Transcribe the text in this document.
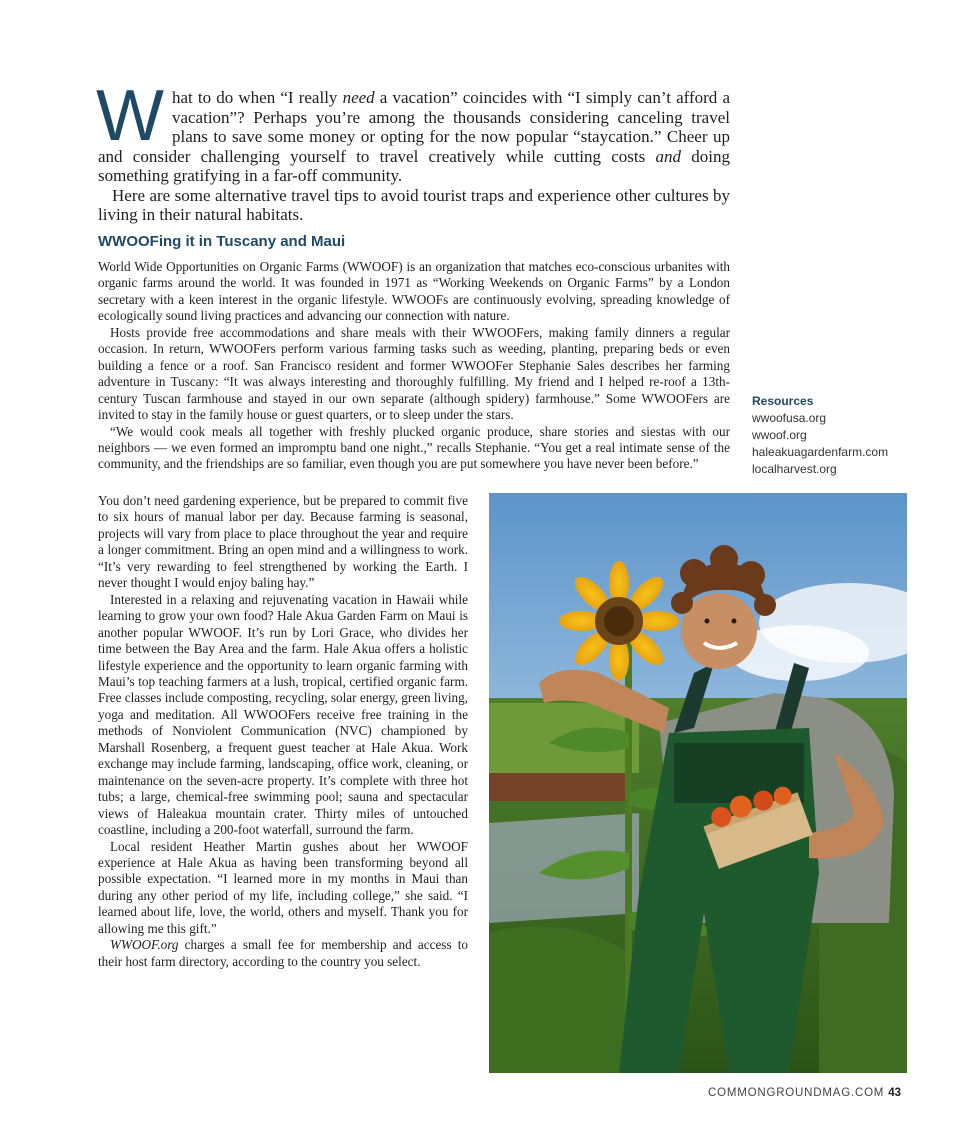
What to do when “I really need a vacation” coincides with “I simply can’t afford a vacation”? Perhaps you’re among the thousands considering canceling travel plans to save some money or opting for the now popular “staycation.” Cheer up and consider challenging yourself to travel creatively while cutting costs and doing something gratifying in a far-off community.

Here are some alternative travel tips to avoid tourist traps and experience other cultures by living in their natural habitats.

WWOOFing it in Tuscany and Maui

World Wide Opportunities on Organic Farms (WWOOF) is an organization that matches eco-conscious urbanites with organic farms around the world. It was founded in 1971 as “Working Weekends on Organic Farms” by a London secretary with a keen interest in the organic lifestyle. WWOOFs are continuously evolving, spreading knowledge of ecologically sound living practices and advancing our connection with nature.

Hosts provide free accommodations and share meals with their WWOOFers, making family dinners a regular occasion. In return, WWOOFers perform various farming tasks such as weeding, planting, preparing beds or even building a fence or a roof. San Francisco resident and former WWOOFer Stephanie Sales describes her farming adventure in Tuscany: “It was always interesting and thoroughly fulfilling. My friend and I helped re-roof a 13th-century Tuscan farmhouse and stayed in our own separate (although spidery) farmhouse.” Some WWOOFers are invited to stay in the family house or guest quarters, or to sleep under the stars.

“We would cook meals all together with freshly plucked organic produce, share stories and siestas with our neighbors — we even formed an impromptu band one night.,” recalls Stephanie. “You get a real intimate sense of the community, and the friendships are so familiar, even though you are put somewhere you have never been before.”

You don’t need gardening experience, but be prepared to commit five to six hours of manual labor per day. Because farming is seasonal, projects will vary from place to place throughout the year and require a longer commitment. Bring an open mind and a willingness to work. “It’s very rewarding to feel strengthened by working the Earth. I never thought I would enjoy baling hay.”

Interested in a relaxing and rejuvenating vacation in Hawaii while learning to grow your own food? Hale Akua Garden Farm on Maui is another popular WWOOF. It’s run by Lori Grace, who divides her time between the Bay Area and the farm. Hale Akua offers a holistic lifestyle experience and the opportunity to learn organic farming with Maui’s top teaching farmers at a lush, tropical, certified organic farm. Free classes include composting, recycling, solar energy, green living, yoga and meditation. All WWOOFers receive free training in the methods of Nonviolent Communication (NVC) championed by Marshall Rosenberg, a frequent guest teacher at Hale Akua. Work exchange may include farming, landscaping, office work, cleaning, or maintenance on the seven-acre property. It’s complete with three hot tubs; a large, chemical-free swimming pool; sauna and spectacular views of Haleakua mountain crater. Thirty miles of untouched coastline, including a 200-foot waterfall, surround the farm.

Local resident Heather Martin gushes about her WWOOF experience at Hale Akua as having been transforming beyond all possible expectation. “I learned more in my months in Maui than during any other period of my life, including college,” she said. “I learned about life, love, the world, others and myself. Thank you for allowing me this gift.”

WWOOF.org charges a small fee for membership and access to their host farm directory, according to the country you select.

Resources
wwoofusa.org
wwoof.org
haleakuagardenfarm.com
localharvest.org
COMMONGROUNDMAG.COM 43
